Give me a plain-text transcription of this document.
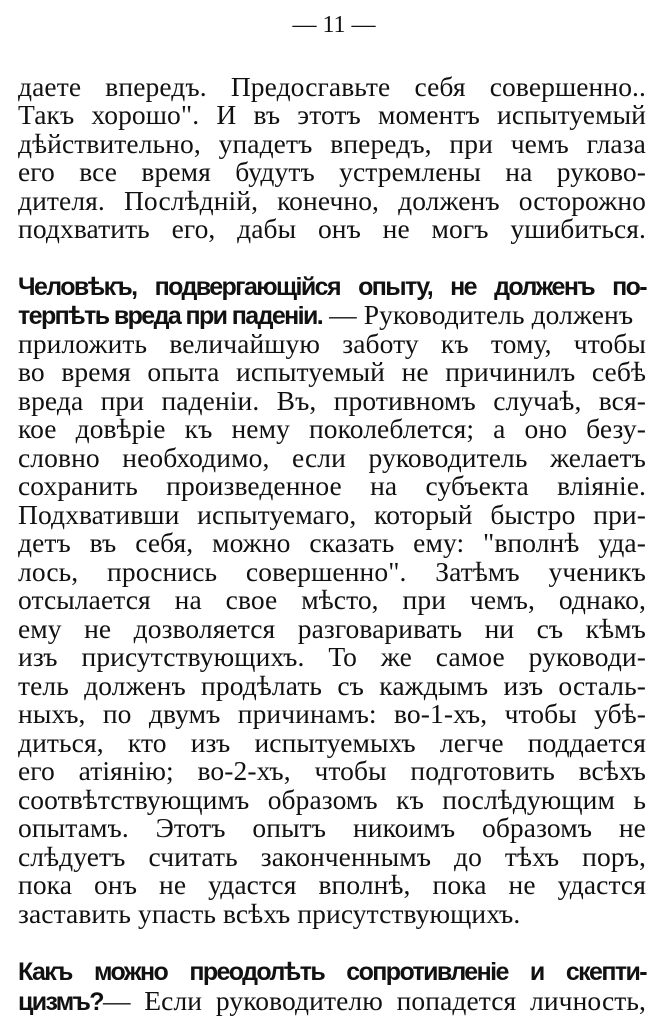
— 11 —
даете впередъ. Предосгавьте себя совершенно..
Такъ хорошо". И въ этотъ моментъ испытуемый
дѣйствительно, упадетъ впередъ, при чемъ глаза
его все время будутъ устремлены на руково-
дителя. Послѣднiй, конечно, долженъ осторожно
подхватить его, дабы онъ не могъ ушибиться.
Человѣкъ, подвергающiйся опыту, не долженъ по-
терпѣть вреда при паденiи. — Руководитель долженъ
приложить величайшую заботу къ тому, чтобы
во время опыта испытуемый не причинилъ себѣ
вреда при паденiи. Въ, противномъ случаѣ, вся-
кое довѣрiе къ нему поколеблется; а оно безу-
словно необходимо, если руководитель желаетъ
сохранить произведенное на субъекта влiянiе.
Подхвативши испытуемаго, который быстро при-
детъ въ себя, можно сказать ему: "вполнѣ уда-
лось, проснись совершенно". Затѣмъ ученикъ
отсылается на свое мѣсто, при чемъ, однако,
ему не дозволяется разговаривать ни съ кѣмъ
изъ присутствующихъ. То же самое руководи-
тель долженъ продѣлать съ каждымъ изъ осталь-
ныхъ, по двумъ причинамъ: во-1-хъ, чтобы убѣ-
диться, кто изъ испытуемыхъ легче поддается
его атiянiю; во-2-хъ, чтобы подготовить всѣхъ
соотвѣтствующимъ образомъ къ послѣдующим ь
опытамъ. Этотъ опытъ никоимъ образомъ не
слѣдуетъ считать законченнымъ до тѣхъ поръ,
пока онъ не удастся вполнѣ, пока не удастся
заставить упасть всѣхъ присутствующихъ.
Какъ можно преодолѣть сопротивленiе и скепти-
цизмъ?— Если руководителю попадется личность,
